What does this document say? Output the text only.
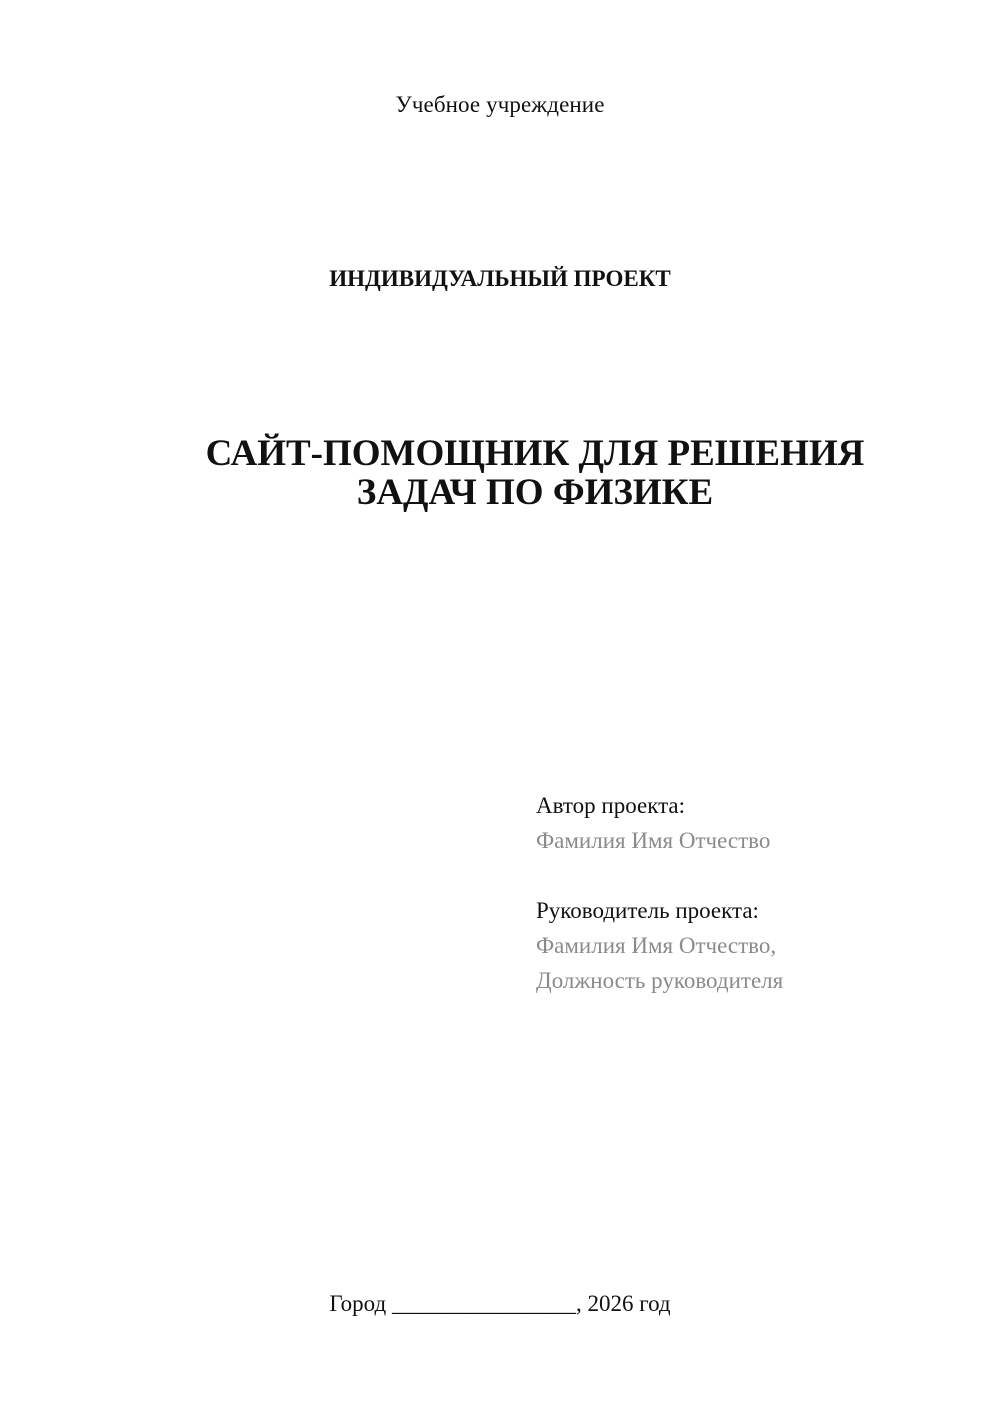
Учебное учреждение
ИНДИВИДУАЛЬНЫЙ ПРОЕКТ
САЙТ-ПОМОЩНИК ДЛЯ РЕШЕНИЯ
ЗАДАЧ ПО ФИЗИКЕ
Автор проекта:
Фамилия Имя Отчество
Руководитель проекта:
Фамилия Имя Отчество,
Должность руководителя
Город ________________, 2026 год
